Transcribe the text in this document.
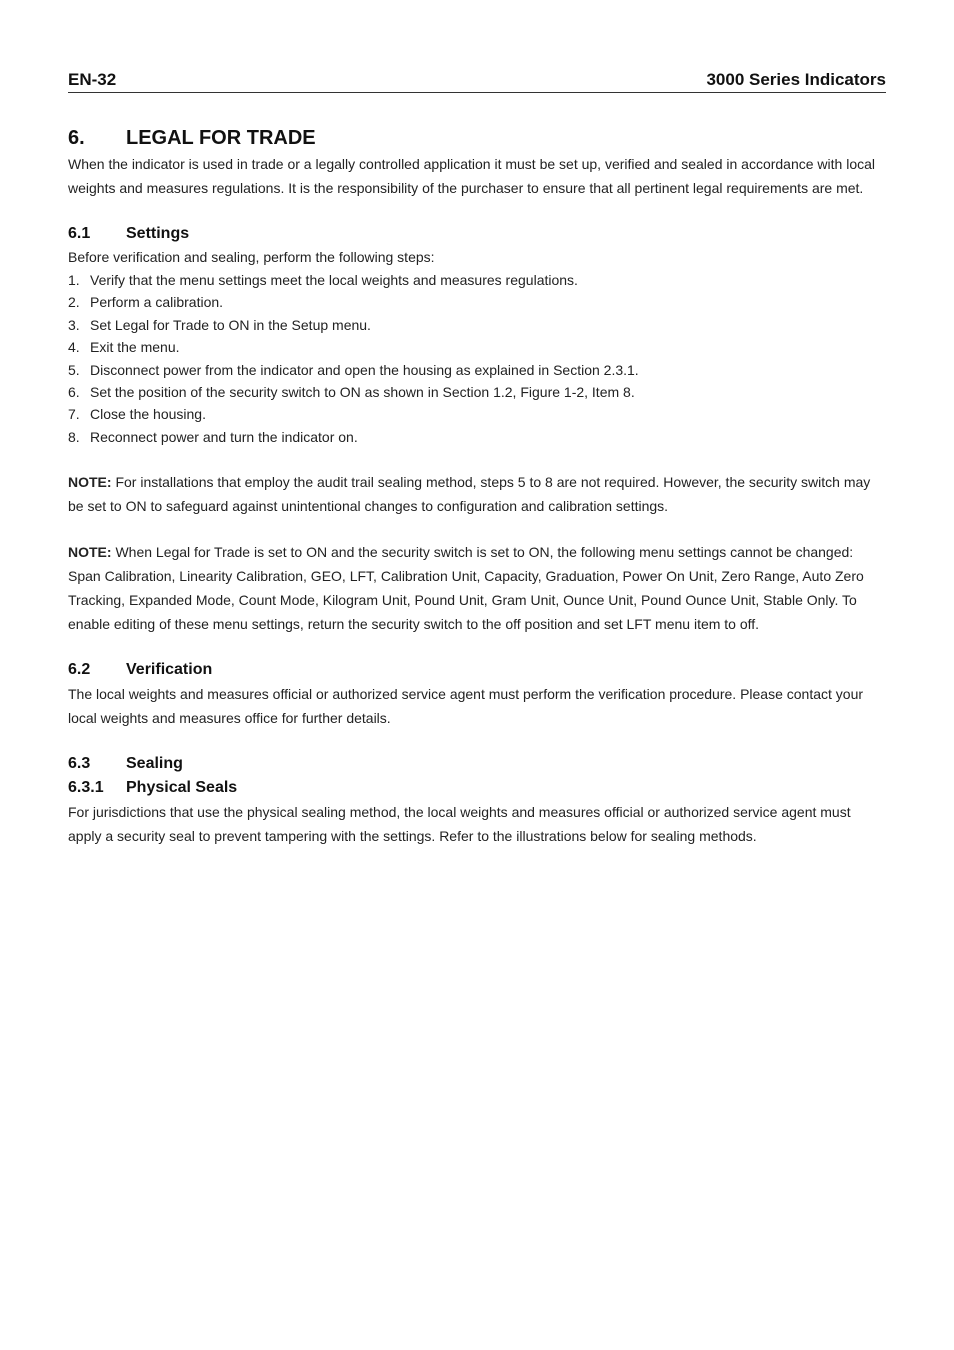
EN-32	3000 Series Indicators
6.	LEGAL FOR TRADE

When the indicator is used in trade or a legally controlled application it must be set up, verified and sealed in accordance with local weights and measures regulations. It is the responsibility of the purchaser to ensure that all pertinent legal requirements are met.

6.1	Settings

Before verification and sealing, perform the following steps:

1. Verify that the menu settings meet the local weights and measures regulations.
2. Perform a calibration.
3. Set Legal for Trade to ON in the Setup menu.
4. Exit the menu.
5. Disconnect power from the indicator and open the housing as explained in Section 2.3.1.
6. Set the position of the security switch to ON as shown in Section 1.2, Figure 1-2, Item 8.
7. Close the housing.
8. Reconnect power and turn the indicator on.

NOTE: For installations that employ the audit trail sealing method, steps 5 to 8 are not required. However, the security switch may be set to ON to safeguard against unintentional changes to configuration and calibration settings.

NOTE: When Legal for Trade is set to ON and the security switch is set to ON, the following menu settings cannot be changed: Span Calibration, Linearity Calibration, GEO, LFT, Calibration Unit, Capacity, Graduation, Power On Unit, Zero Range, Auto Zero Tracking, Expanded Mode, Count Mode, Kilogram Unit, Pound Unit, Gram Unit, Ounce Unit, Pound Ounce Unit, Stable Only. To enable editing of these menu settings, return the security switch to the off position and set LFT menu item to off.

6.2	Verification

The local weights and measures official or authorized service agent must perform the verification procedure. Please contact your local weights and measures office for further details.

6.3	Sealing
6.3.1	Physical Seals

For jurisdictions that use the physical sealing method, the local weights and measures official or authorized service agent must apply a security seal to prevent tampering with the settings. Refer to the illustrations below for sealing methods.
